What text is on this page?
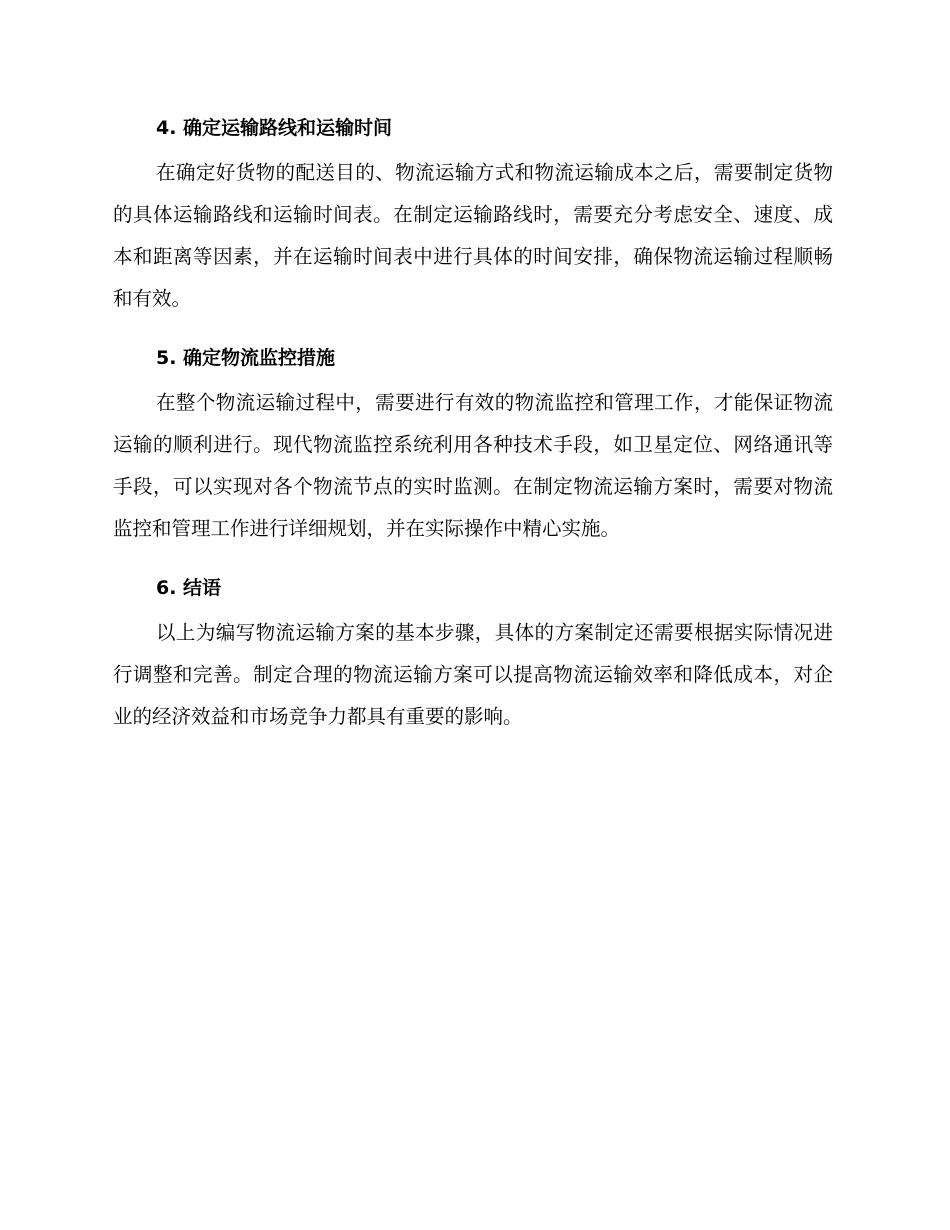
4. 确定运输路线和运输时间

在确定好货物的配送目的、物流运输方式和物流运输成本之后，需要制定货物的具体运输路线和运输时间表。在制定运输路线时，需要充分考虑安全、速度、成本和距离等因素，并在运输时间表中进行具体的时间安排，确保物流运输过程顺畅和有效。

5. 确定物流监控措施

在整个物流运输过程中，需要进行有效的物流监控和管理工作，才能保证物流运输的顺利进行。现代物流监控系统利用各种技术手段，如卫星定位、网络通讯等手段，可以实现对各个物流节点的实时监测。在制定物流运输方案时，需要对物流监控和管理工作进行详细规划，并在实际操作中精心实施。

6. 结语

以上为编写物流运输方案的基本步骤，具体的方案制定还需要根据实际情况进行调整和完善。制定合理的物流运输方案可以提高物流运输效率和降低成本，对企业的经济效益和市场竞争力都具有重要的影响。
